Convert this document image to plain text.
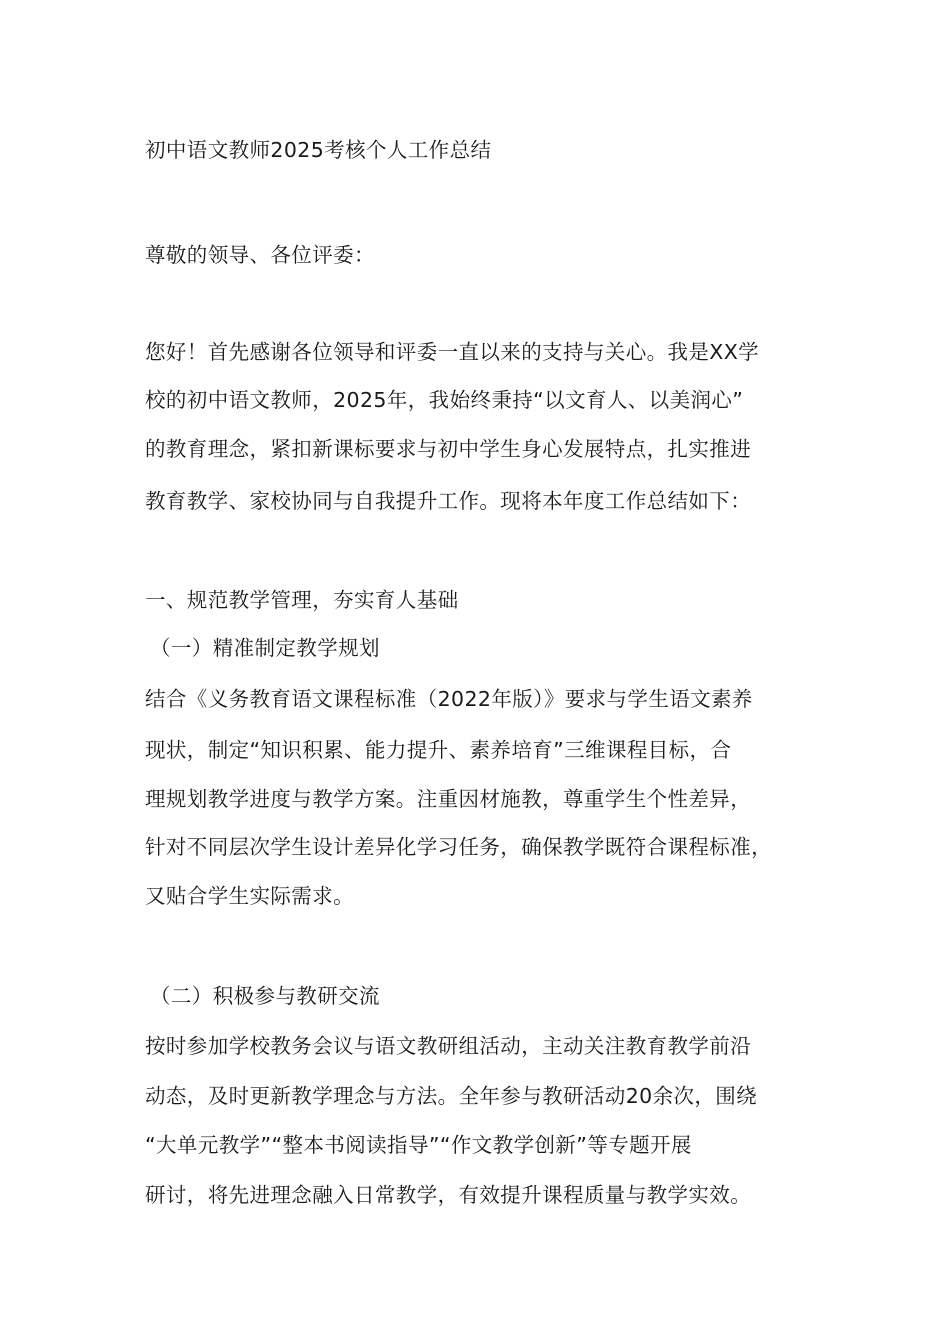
初中语文教师2025考核个人工作总结
尊敬的领导、各位评委：
您好！首先感谢各位领导和评委一直以来的支持与关心。我是XX学
校的初中语文教师，2025年，我始终秉持“以文育人、以美润心”
的教育理念，紧扣新课标要求与初中学生身心发展特点，扎实推进
教育教学、家校协同与自我提升工作。现将本年度工作总结如下：
一、规范教学管理，夯实育人基础
（一）精准制定教学规划
结合《义务教育语文课程标准（2022年版）》要求与学生语文素养
现状，制定“知识积累、能力提升、素养培育”三维课程目标，合
理规划教学进度与教学方案。注重因材施教，尊重学生个性差异，
针对不同层次学生设计差异化学习任务，确保教学既符合课程标准，
又贴合学生实际需求。
（二）积极参与教研交流
按时参加学校教务会议与语文教研组活动，主动关注教育教学前沿
动态，及时更新教学理念与方法。全年参与教研活动20余次，围绕
“大单元教学”“整本书阅读指导”“作文教学创新”等专题开展
研讨，将先进理念融入日常教学，有效提升课程质量与教学实效。
